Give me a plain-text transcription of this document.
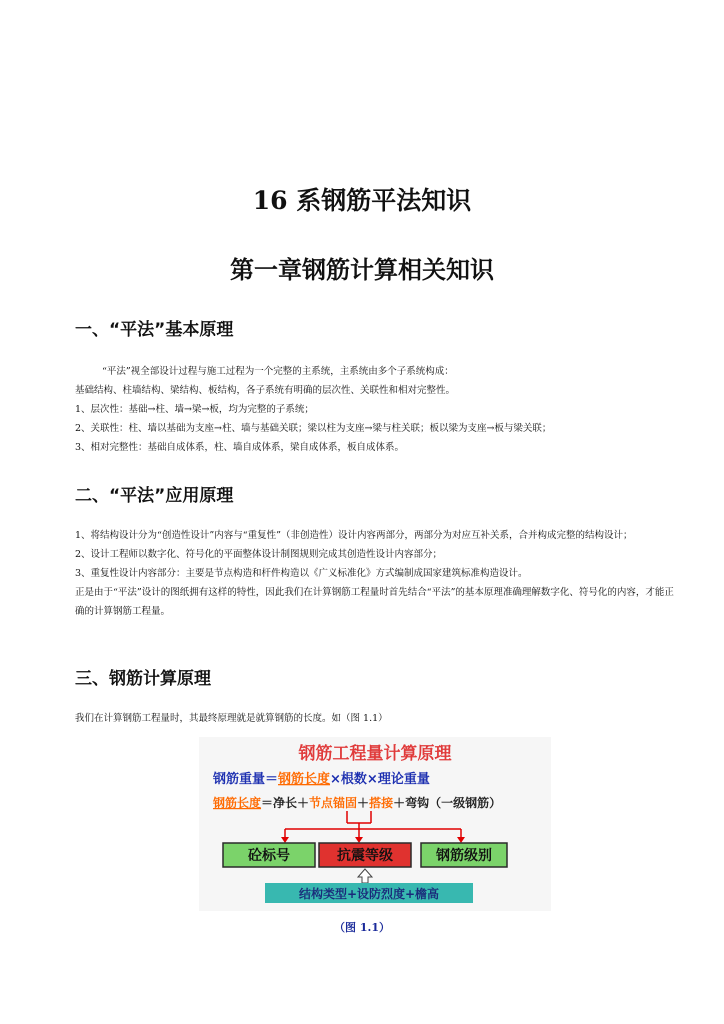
16 系钢筋平法知识
第一章钢筋计算相关知识
一、“平法”基本原理

“平法”视全部设计过程与施工过程为一个完整的主系统，主系统由多个子系统构成：

基础结构、柱墙结构、梁结构、板结构，各子系统有明确的层次性、关联性和相对完整性。

1、层次性：基础→柱、墙→梁→板，均为完整的子系统；

2、关联性：柱、墙以基础为支座→柱、墙与基础关联；梁以柱为支座→梁与柱关联；板以梁为支座→板与梁关联；

3、相对完整性：基础自成体系，柱、墙自成体系，梁自成体系，板自成体系。

二、“平法”应用原理

1、将结构设计分为“创造性设计”内容与“重复性”（非创造性）设计内容两部分，两部分为对应互补关系，合并构成完整的结构设计；

2、设计工程师以数字化、符号化的平面整体设计制图规则完成其创造性设计内容部分；

3、重复性设计内容部分：主要是节点构造和杆件构造以《广义标准化》方式编制成国家建筑标准构造设计。

正是由于“平法”设计的图纸拥有这样的特性，因此我们在计算钢筋工程量时首先结合“平法”的基本原理准确理解数字化、符号化的内容，才能正确的计算钢筋工程量。

三、钢筋计算原理

我们在计算钢筋工程量时，其最终原理就是就算钢筋的长度。如（图 1.1）

钢筋工程量计算原理
钢筋重量＝钢筋长度×根数×理论重量
钢筋长度＝净长＋节点锚固＋搭接＋弯钩（一级钢筋）
砼标号	抗震等级	钢筋级别
结构类型+设防烈度+檐高
（图 1.1）
